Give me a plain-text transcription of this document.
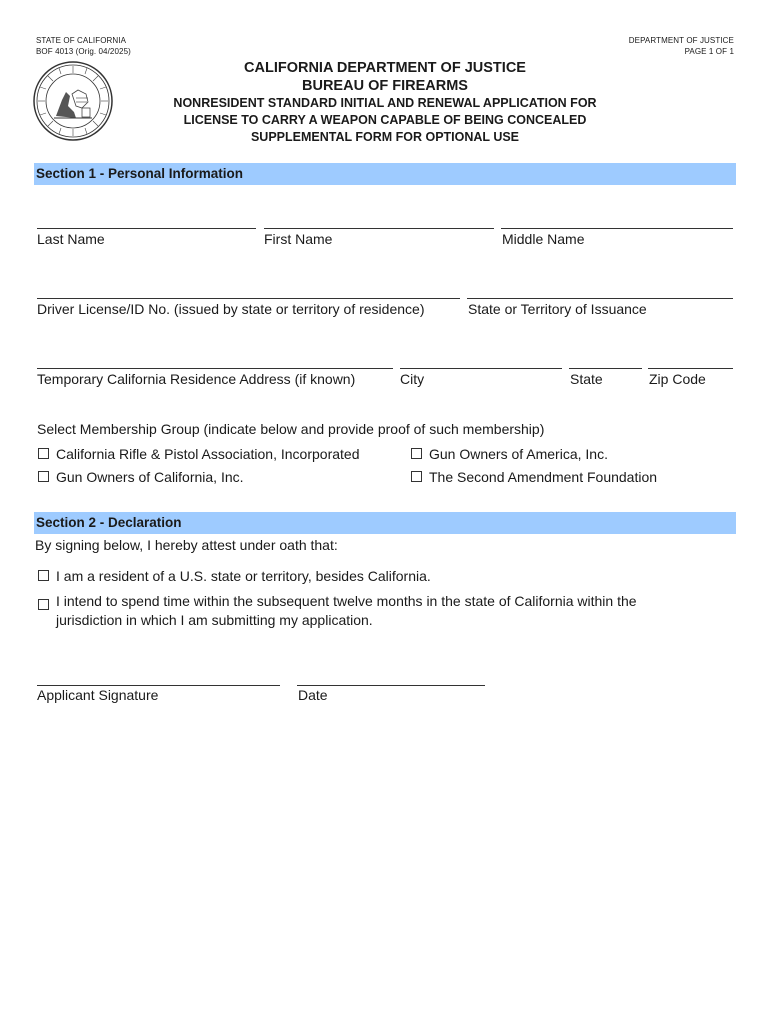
STATE OF CALIFORNIA
BOF 4013 (Orig. 04/2025)
DEPARTMENT OF JUSTICE
PAGE 1 OF 1
CALIFORNIA DEPARTMENT OF JUSTICE
BUREAU OF FIREARMS
NONRESIDENT STANDARD INITIAL AND RENEWAL APPLICATION FOR
LICENSE TO CARRY A WEAPON CAPABLE OF BEING CONCEALED
SUPPLEMENTAL FORM FOR OPTIONAL USE
Section 1 - Personal Information
Last Name	First Name	Middle Name
Driver License/ID No. (issued by state or territory of residence)	State or Territory of Issuance
Temporary California Residence Address (if known)	City	State	Zip Code
Select Membership Group (indicate below and provide proof of such membership)
California Rifle & Pistol Association, Incorporated	Gun Owners of America, Inc.
Gun Owners of California, Inc.	The Second Amendment Foundation
Section 2 - Declaration
By signing below, I hereby attest under oath that:
I am a resident of a U.S. state or territory, besides California.
I intend to spend time within the subsequent twelve months in the state of California within the
jurisdiction in which I am submitting my application.
Applicant Signature	Date
